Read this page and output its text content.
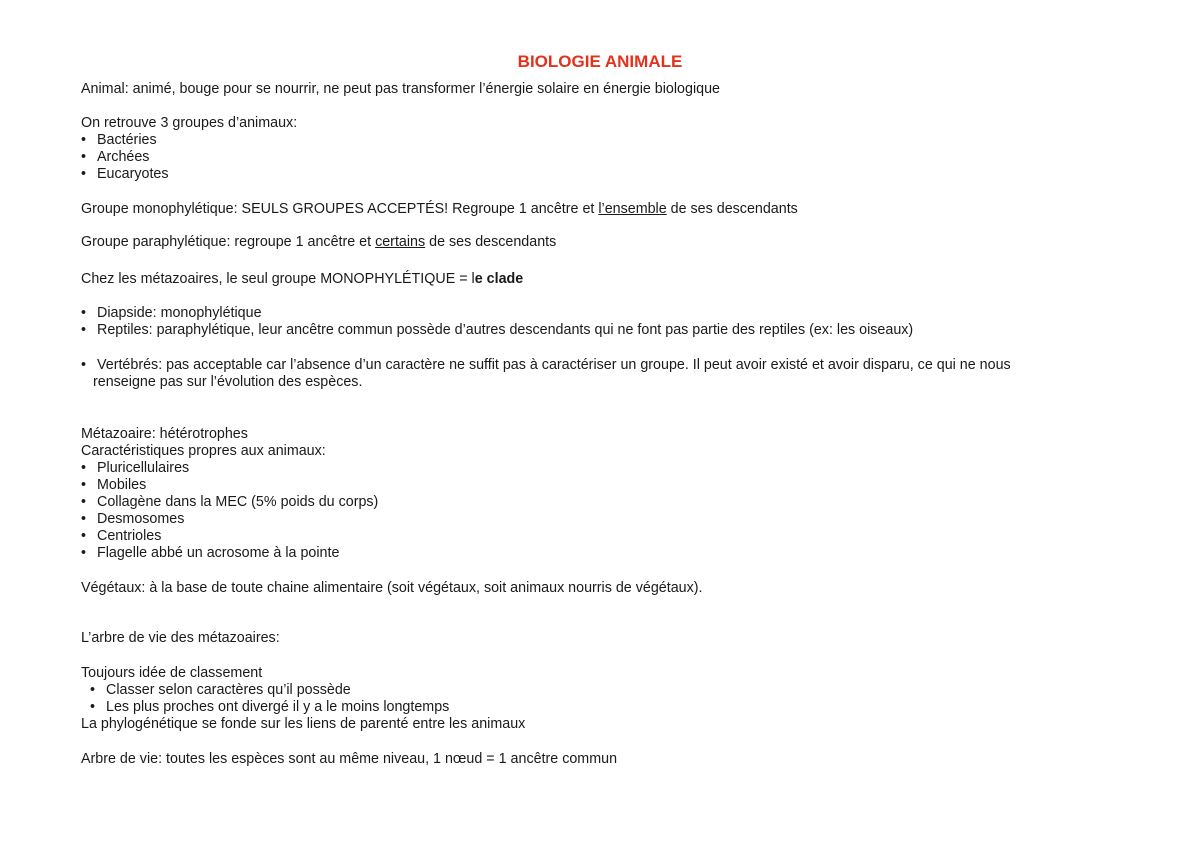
BIOLOGIE ANIMALE
Animal: animé, bouge pour se nourrir, ne peut pas transformer l’énergie solaire en énergie biologique
On retrouve 3 groupes d’animaux:
• Bactéries
• Archées
• Eucaryotes
Groupe monophylétique: SEULS GROUPES ACCEPTÉS! Regroupe 1 ancêtre et l’ensemble de ses descendants
Groupe paraphylétique: regroupe 1 ancêtre et certains de ses descendants
Chez les métazoaires, le seul groupe MONOPHYLÉTIQUE = le clade
• Diapside: monophylétique
• Reptiles: paraphylétique, leur ancêtre commun possède d’autres descendants qui ne font pas partie des reptiles (ex: les oiseaux)
• Vertébrés: pas acceptable car l’absence d’un caractère ne suffit pas à caractériser un groupe. Il peut avoir existé et avoir disparu, ce qui ne nous
renseigne pas sur l’évolution des espèces.
Métazoaire: hétérotrophes
Caractéristiques propres aux animaux:
• Pluricellulaires
• Mobiles
• Collagène dans la MEC (5% poids du corps)
• Desmosomes
• Centrioles
• Flagelle abbé un acrosome à la pointe
Végétaux: à la base de toute chaine alimentaire (soit végétaux, soit animaux nourris de végétaux).
L’arbre de vie des métazoaires:
Toujours idée de classement
• Classer selon caractères qu’il possède
• Les plus proches ont divergé il y a le moins longtemps
La phylogénétique se fonde sur les liens de parenté entre les animaux
Arbre de vie: toutes les espèces sont au même niveau, 1 nœud = 1 ancêtre commun
